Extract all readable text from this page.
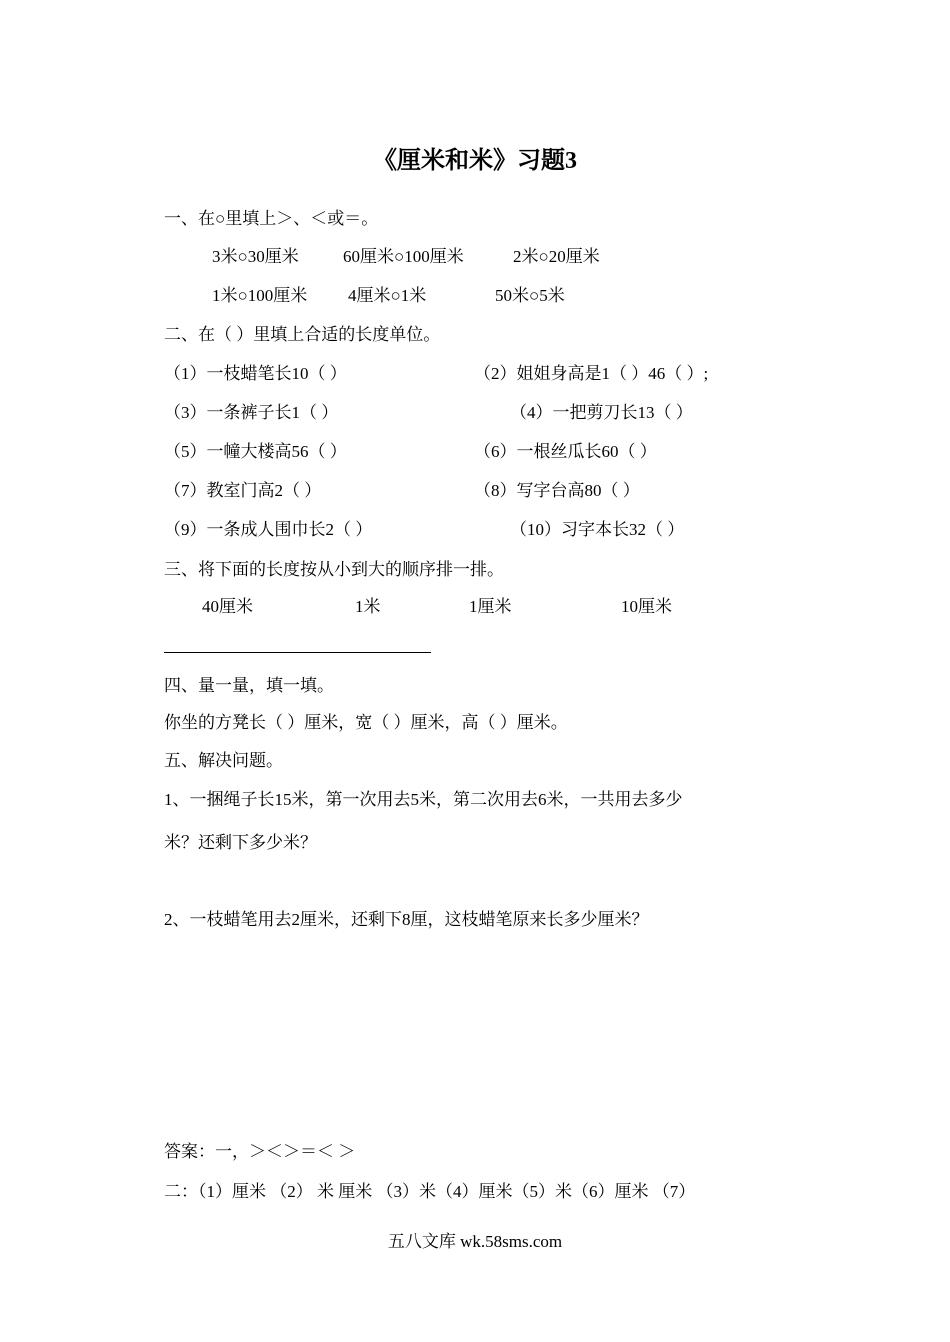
《厘米和米》习题3
一、在○里填上＞、＜或＝。
3米○30厘米	60厘米○100厘米	2米○20厘米
1米○100厘米 4厘米○1米	50米○5米
二、在（ ）里填上合适的长度单位。
（1）一枝蜡笔长10（ ）	（2）姐姐身高是1（ ）46（ ）;
（3）一条裤子长1（ ）	（4）一把剪刀长13（ ）
（5）一幢大楼高56（ ）	（6）一根丝瓜长60（ ）
（7）教室门高2（ ）	（8）写字台高80（ ）
（9）一条成人围巾长2（ ）	（10）习字本长32（ ）
三、将下面的长度按从小到大的顺序排一排。
40厘米	1米	1厘米	10厘米
四、量一量，填一填。
你坐的方凳长（ ）厘米，宽（ ）厘米，高（ ）厘米。
五、解决问题。
1、一捆绳子长15米，第一次用去5米，第二次用去6米，一共用去多少
米？还剩下多少米？
2、一枝蜡笔用去2厘米，还剩下8厘，这枝蜡笔原来长多少厘米？
答案：一，＞＜＞＝＜ ＞
二：（1）厘米 （2） 米 厘米 （3）米（4）厘米（5）米（6）厘米 （7）
五八文库 wk.58sms.com
